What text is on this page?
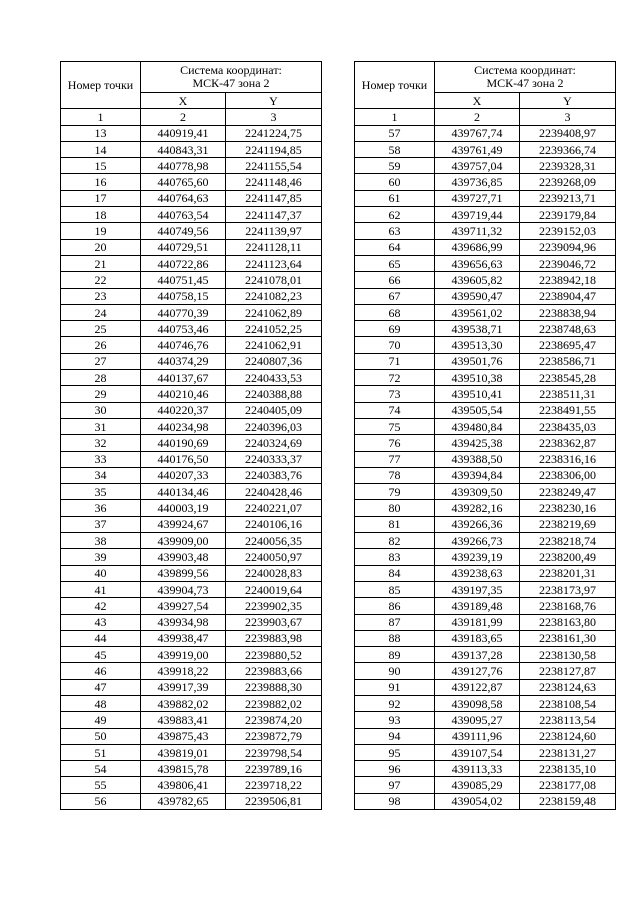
Номер точки	Система координат:
МСК-47 зона 2	
	X	Y
1	2	3
13	440919,41	2241224,75
14	440843,31	2241194,85
15	440778,98	2241155,54
16	440765,60	2241148,46
17	440764,63	2241147,85
18	440763,54	2241147,37
19	440749,56	2241139,97
20	440729,51	2241128,11
21	440722,86	2241123,64
22	440751,45	2241078,01
23	440758,15	2241082,23
24	440770,39	2241062,89
25	440753,46	2241052,25
26	440746,76	2241062,91
27	440374,29	2240807,36
28	440137,67	2240433,53
29	440210,46	2240388,88
30	440220,37	2240405,09
31	440234,98	2240396,03
32	440190,69	2240324,69
33	440176,50	2240333,37
34	440207,33	2240383,76
35	440134,46	2240428,46
36	440003,19	2240221,07
37	439924,67	2240106,16
38	439909,00	2240056,35
39	439903,48	2240050,97
40	439899,56	2240028,83
41	439904,73	2240019,64
42	439927,54	2239902,35
43	439934,98	2239903,67
44	439938,47	2239883,98
45	439919,00	2239880,52
46	439918,22	2239883,66
47	439917,39	2239888,30
48	439882,02	2239882,02
49	439883,41	2239874,20
50	439875,43	2239872,79
51	439819,01	2239798,54
54	439815,78	2239789,16
55	439806,41	2239718,22
56	439782,65	2239506,81
Номер точки	Система координат:
МСК-47 зона 2	
	X	Y
1	2	3
57	439767,74	2239408,97
58	439761,49	2239366,74
59	439757,04	2239328,31
60	439736,85	2239268,09
61	439727,71	2239213,71
62	439719,44	2239179,84
63	439711,32	2239152,03
64	439686,99	2239094,96
65	439656,63	2239046,72
66	439605,82	2238942,18
67	439590,47	2238904,47
68	439561,02	2238838,94
69	439538,71	2238748,63
70	439513,30	2238695,47
71	439501,76	2238586,71
72	439510,38	2238545,28
73	439510,41	2238511,31
74	439505,54	2238491,55
75	439480,84	2238435,03
76	439425,38	2238362,87
77	439388,50	2238316,16
78	439394,84	2238306,00
79	439309,50	2238249,47
80	439282,16	2238230,16
81	439266,36	2238219,69
82	439266,73	2238218,74
83	439239,19	2238200,49
84	439238,63	2238201,31
85	439197,35	2238173,97
86	439189,48	2238168,76
87	439181,99	2238163,80
88	439183,65	2238161,30
89	439137,28	2238130,58
90	439127,76	2238127,87
91	439122,87	2238124,63
92	439098,58	2238108,54
93	439095,27	2238113,54
94	439111,96	2238124,60
95	439107,54	2238131,27
96	439113,33	2238135,10
97	439085,29	2238177,08
98	439054,02	2238159,48
